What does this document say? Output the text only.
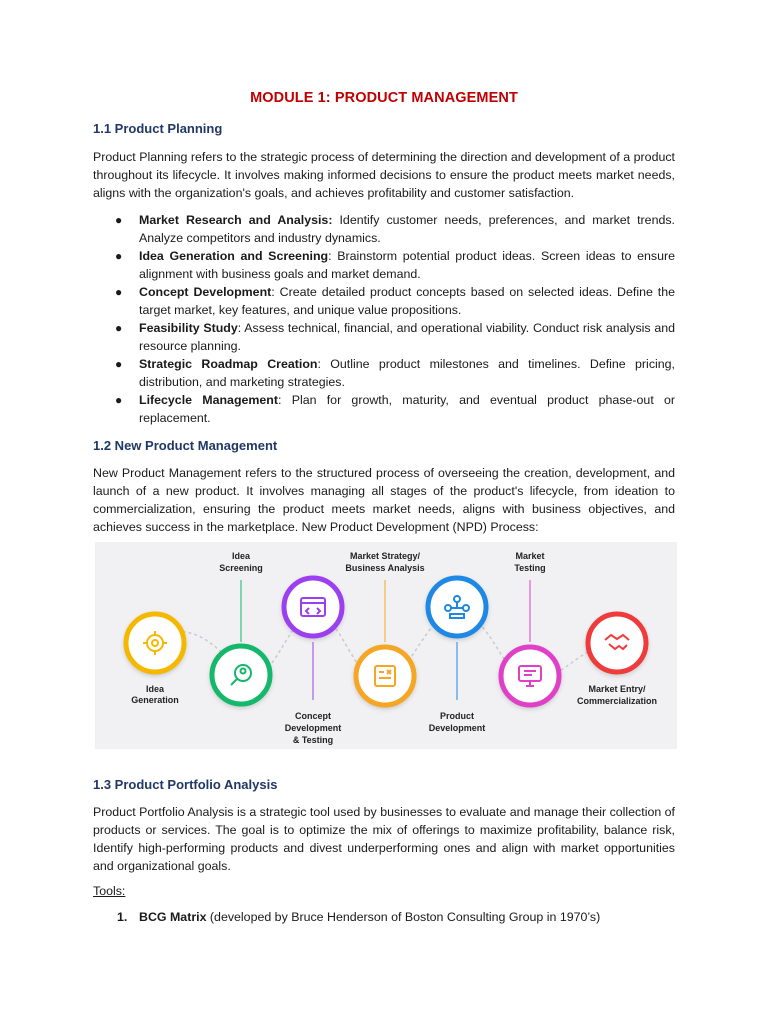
MODULE 1: PRODUCT MANAGEMENT
1.1 Product Planning

Product Planning refers to the strategic process of determining the direction and development of a product throughout its lifecycle. It involves making informed decisions to ensure the product meets market needs, aligns with the organization's goals, and achieves profitability and customer satisfaction.

● Market Research and Analysis: Identify customer needs, preferences, and market trends. Analyze competitors and industry dynamics.
● Idea Generation and Screening: Brainstorm potential product ideas. Screen ideas to ensure alignment with business goals and market demand.
● Concept Development: Create detailed product concepts based on selected ideas. Define the target market, key features, and unique value propositions.
● Feasibility Study: Assess technical, financial, and operational viability. Conduct risk analysis and resource planning.
● Strategic Roadmap Creation: Outline product milestones and timelines. Define pricing, distribution, and marketing strategies.
● Lifecycle Management: Plan for growth, maturity, and eventual product phase-out or replacement.
1.2 New Product Management

New Product Management refers to the structured process of overseeing the creation, development, and launch of a new product. It involves managing all stages of the product's lifecycle, from ideation to commercialization, ensuring the product meets market needs, aligns with business objectives, and achieves success in the marketplace. New Product Development (NPD) Process:

Idea
Generation
Idea
Screening
Concept
Development
& Testing
Market Strategy/
Business Analysis
Product
Development
Market
Testing
Market Entry/
Commercialization
1.3 Product Portfolio Analysis

Product Portfolio Analysis is a strategic tool used by businesses to evaluate and manage their collection of products or services. The goal is to optimize the mix of offerings to maximize profitability, balance risk, Identify high-performing products and divest underperforming ones and align with market opportunities and organizational goals.

Tools:
1. BCG Matrix (developed by Bruce Henderson of Boston Consulting Group in 1970’s)
